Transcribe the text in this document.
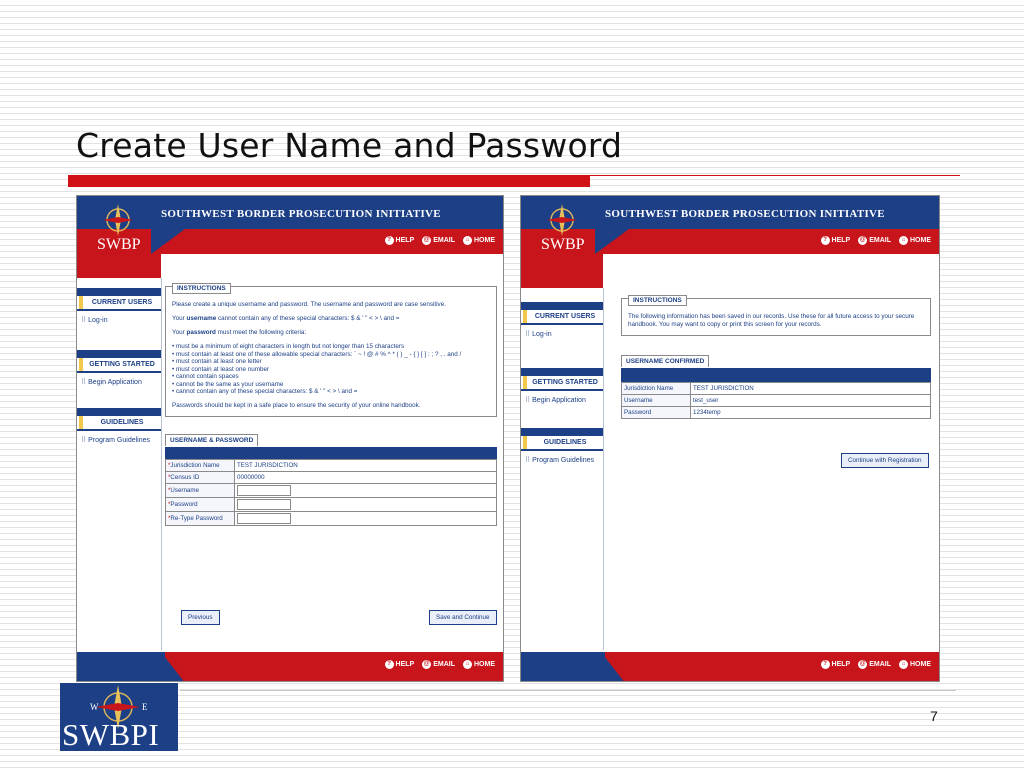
Create User Name and Password
SWBP
SOUTHWEST BORDER PROSECUTION INITIATIVE
? HELP @ EMAIL	⌂ HOME
CURRENT USERS
⠿ Log-in
GETTING STARTED
⠿ Begin Application
GUIDELINES
⠿ Program Guidelines
INSTRUCTIONS

Please create a unique username and password. The username and password are case sensitive.

Your username cannot contain any of these special characters: $ & ' " < > \ and =

Your password must meet the following criteria:

• must be a minimum of eight characters in length but not longer than 15 characters
• must contain at least one of these allowable special characters: ` ~ ! @ # % ^ * ( ) _ - { } [ ] : ; ? , . and /
• must contain at least one letter
• must contain at least one number
• cannot contain spaces
• cannot be the same as your username
• cannot contain any of these special characters: $ & ' " < > \ and =

Passwords should be kept in a safe place to ensure the security of your online handbook.

USERNAME & PASSWORD
*Jurisdiction Name	TEST JURISDICTION
*Census ID	00000000
*Username	
*Password	
*Re-Type Password	
Previous	Save and Continue
? HELP @ EMAIL	⌂ HOME
SWBP
SOUTHWEST BORDER PROSECUTION INITIATIVE
? HELP @ EMAIL	⌂ HOME
CURRENT USERS
⠿ Log-in
GETTING STARTED
⠿ Begin Application
GUIDELINES
⠿ Program Guidelines
INSTRUCTIONS

The following information has been saved in our records. Use these for all future access to your secure handbook. You may want to copy or print this screen for your records.

USERNAME CONFIRMED
Jurisdiction Name	TEST JURISDICTION
Username	test_user
Password	1234temp
Continue with Registration
? HELP @ EMAIL	⌂ HOME
W	E
SWBPI
7
